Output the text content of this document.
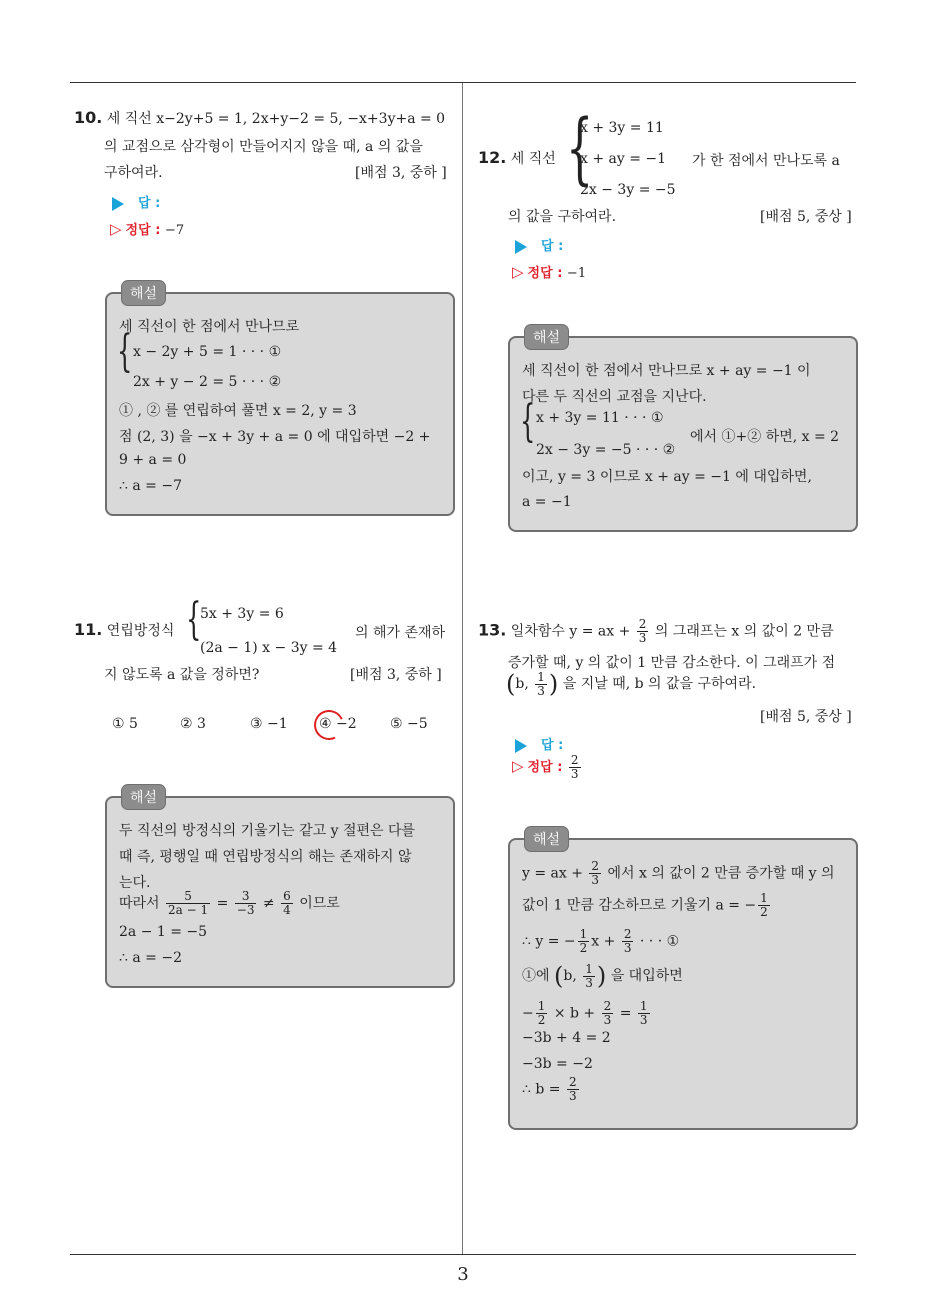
3
10. 세 직선 x−2y+5 = 1, 2x+y−2 = 5, −x+3y+a = 0
의 교점으로 삼각형이 만들어지지 않을 때, a 의 값을
구하여라.	[배점 3, 중하 ]
답 :
▷ 정답 : −7
해설
세 직선이 한 점에서 만나므로
{ x − 2y + 5 = 1 · · · ①
2x + y − 2 = 5 · · · ②
① , ② 를 연립하여 풀면 x = 2, y = 3
점 (2, 3) 을 −x + 3y + a = 0 에 대입하면 −2 +
9 + a = 0
∴ a = −7
11. 연립방정식 {
5x + 3y = 6
(2a − 1) x − 3y = 4
의 해가 존재하
지 않도록 a 값을 정하면?	[배점 3, 중하 ]
① 5	② 3	③ −1 ④ −2 ⑤ −5
해설
두 직선의 방정식의 기울기는 같고 y 절편은 다를
때 즉, 평행일 때 연립방정식의 해는 존재하지 않
는다.
따라서 $\frac{5}{2a - 1} = \frac{3}{-3} \ne \frac{6}{4}$ 이므로
2a − 1 = −5
∴ a = −2
12. 세 직선 {
x + 3y = 11
x + ay = −1
2x − 3y = −5
가 한 점에서 만나도록 a
의 값을 구하여라.	[배점 5, 중상 ]
답 :
▷ 정답 : −1
해설
세 직선이 한 점에서 만나므로 x + ay = −1 이
다른 두 직선의 교점을 지난다.
{ x + 3y = 11 · · · ①
2x − 3y = −5 · · · ②
에서 ①+② 하면, x = 2
이고, y = 3 이므로 x + ay = −1 에 대입하면,
a = −1
13. 일차함수 y = ax + $\frac{2}{3}$ 의 그래프는 x 의 값이 2 만큼
증가할 때, y 의 값이 1 만큼 감소한다. 이 그래프가 점
(b, $\frac{1}{3}$ ) 을 지날 때, b 의 값을 구하여라.
[배점 5, 중상 ]
답 :
▷ 정답 : $\frac{2}{3}$
해설
y = ax + $\frac{2}{3}$ 에서 x 의 값이 2 만큼 증가할 때 y 의
값이 1 만큼 감소하므로 기울기 a = − $\frac{1}{2}$
∴ y = − $\frac{1}{2}$ $x + \frac{2}{3}$ · · · ①
①에 (b, $\frac{1}{3}$ ) 을 대입하면
− $\frac{1}{2} \times b + \frac{2}{3} = \frac{1}{3}$
−3b + 4 = 2
−3b = −2
∴ $b = \frac{2}{3}$
